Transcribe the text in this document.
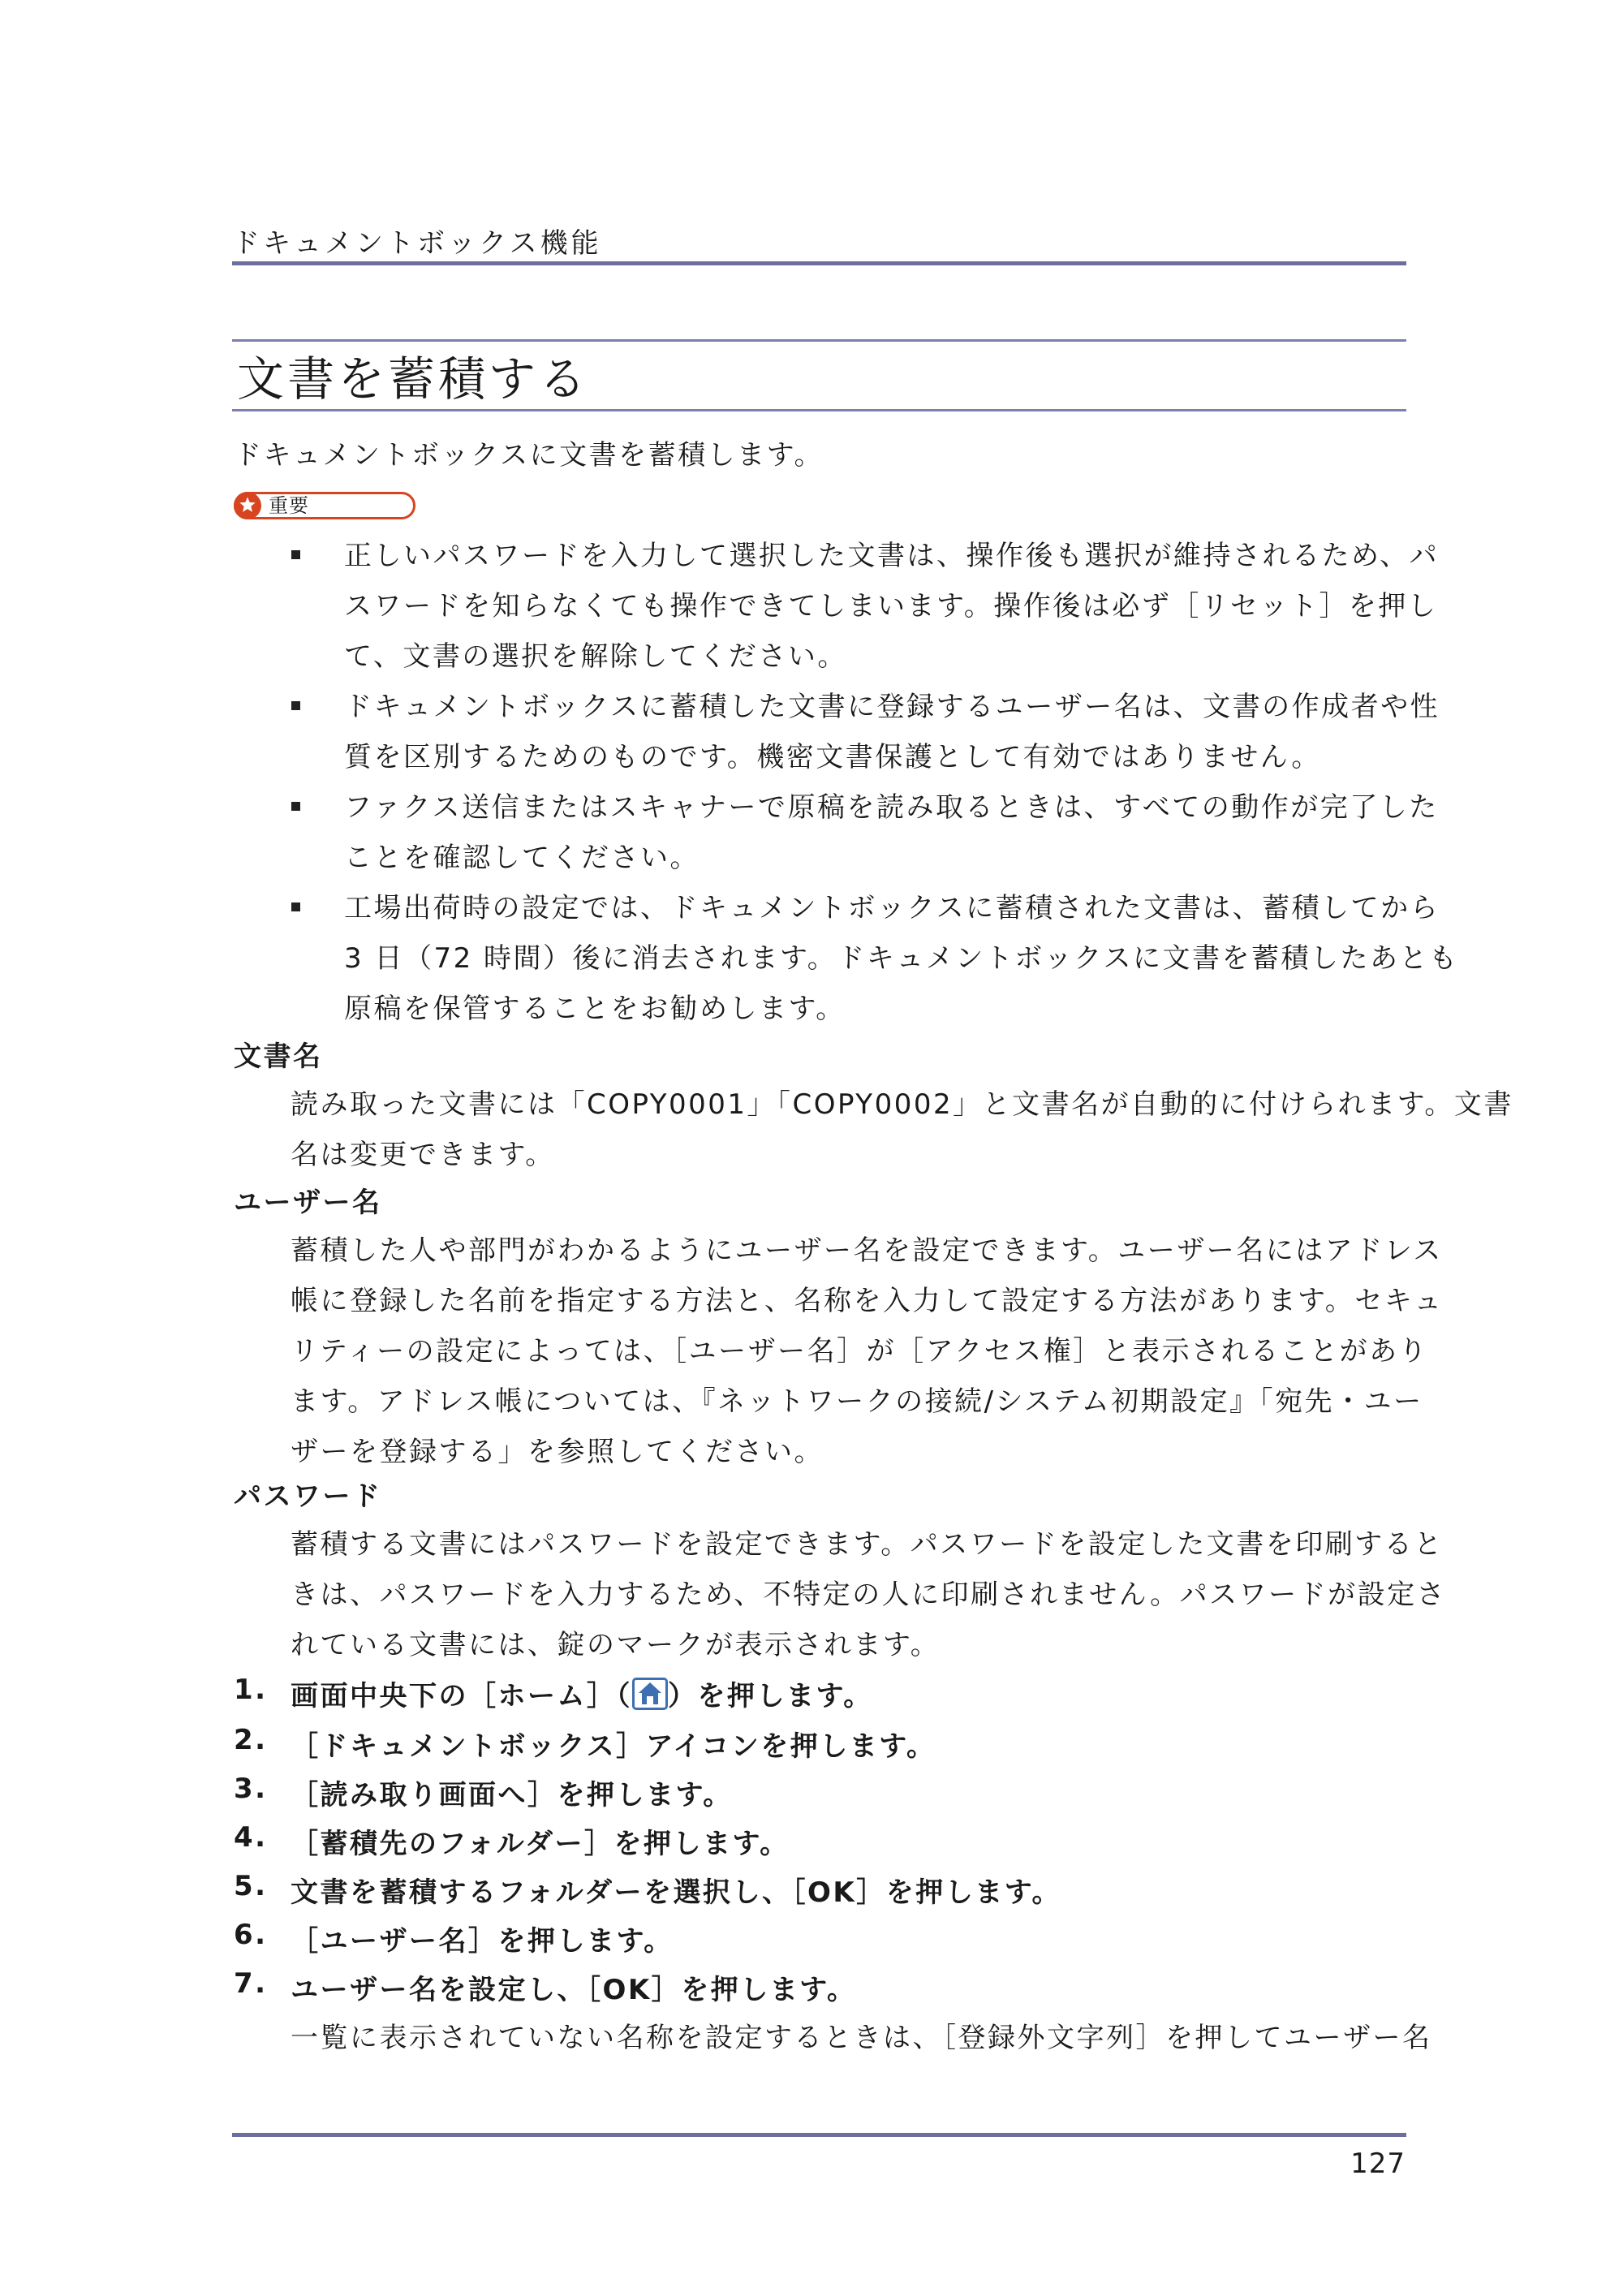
ドキュメントボックス機能
文書を蓄積する
ドキュメントボックスに文書を蓄積します。
重要
正しいパスワードを入力して選択した文書は、操作後も選択が維持されるため、パ
スワードを知らなくても操作できてしまいます。操作後は必ず［リセット］を押し
て、文書の選択を解除してください。
ドキュメントボックスに蓄積した文書に登録するユーザー名は、文書の作成者や性
質を区別するためのものです。機密文書保護として有効ではありません。
ファクス送信またはスキャナーで原稿を読み取るときは、すべての動作が完了した
ことを確認してください。
工場出荷時の設定では、ドキュメントボックスに蓄積された文書は、蓄積してから
3 日（72 時間）後に消去されます。ドキュメントボックスに文書を蓄積したあとも
原稿を保管することをお勧めします。
文書名
読み取った文書には「COPY0001」「COPY0002」と文書名が自動的に付けられます。文書
名は変更できます。
ユーザー名
蓄積した人や部門がわかるようにユーザー名を設定できます。ユーザー名にはアドレス
帳に登録した名前を指定する方法と、名称を入力して設定する方法があります。セキュ
リティーの設定によっては、［ユーザー名］が［アクセス権］と表示されることがあり
ます。アドレス帳については、『ネットワークの接続/システム初期設定』「宛先・ユー
ザーを登録する」を参照してください。
パスワード
蓄積する文書にはパスワードを設定できます。パスワードを設定した文書を印刷すると
きは、パスワードを入力するため、不特定の人に印刷されません。パスワードが設定さ
れている文書には、錠のマークが表示されます。
1. 画面中央下の［ホーム］（ ）を押します。
2. ［ドキュメントボックス］アイコンを押します。
3. ［読み取り画面へ］を押します。
4. ［蓄積先のフォルダー］を押します。
5. 文書を蓄積するフォルダーを選択し、［OK］を押します。
6. ［ユーザー名］を押します。
7. ユーザー名を設定し、［OK］を押します。
一覧に表示されていない名称を設定するときは、［登録外文字列］を押してユーザー名
127
